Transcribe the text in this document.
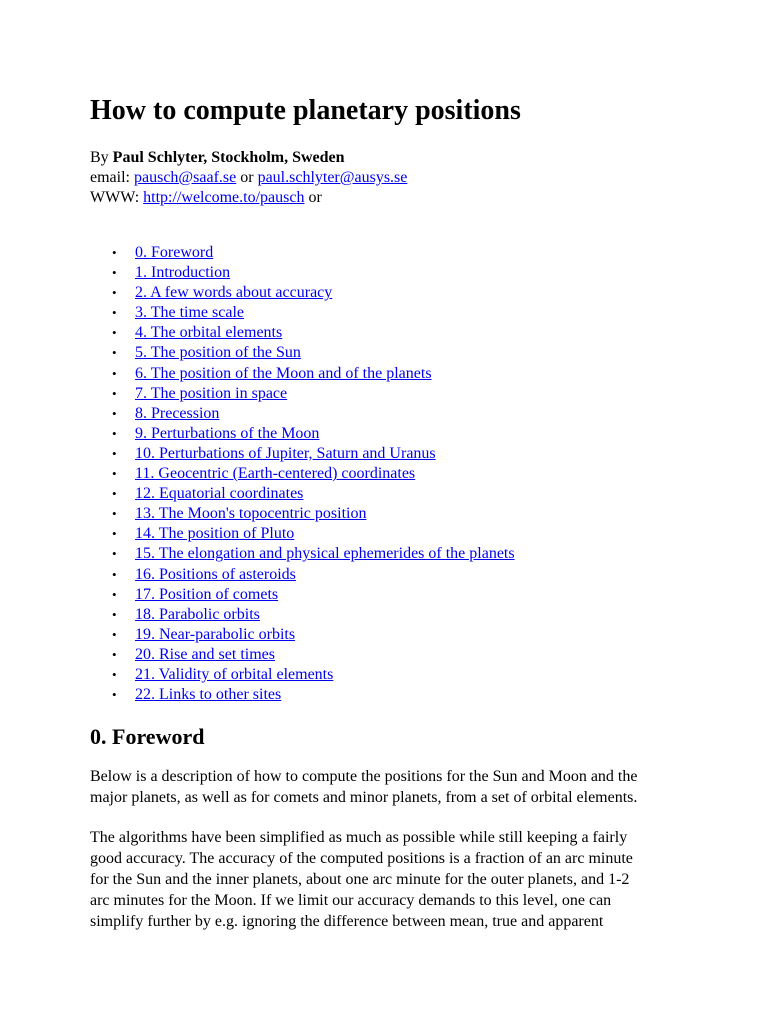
How to compute planetary positions
By Paul Schlyter, Stockholm, Sweden
email: pausch@saaf.se or paul.schlyter@ausys.se
WWW: http://welcome.to/pausch or
• 0. Foreword
• 1. Introduction
• 2. A few words about accuracy
• 3. The time scale
• 4. The orbital elements
• 5. The position of the Sun
• 6. The position of the Moon and of the planets
• 7. The position in space
• 8. Precession
• 9. Perturbations of the Moon
• 10. Perturbations of Jupiter, Saturn and Uranus
• 11. Geocentric (Earth-centered) coordinates
• 12. Equatorial coordinates
• 13. The Moon's topocentric position
• 14. The position of Pluto
• 15. The elongation and physical ephemerides of the planets
• 16. Positions of asteroids
• 17. Position of comets
• 18. Parabolic orbits
• 19. Near-parabolic orbits
• 20. Rise and set times
• 21. Validity of orbital elements
• 22. Links to other sites
0. Foreword

Below is a description of how to compute the positions for the Sun and Moon and the
major planets, as well as for comets and minor planets, from a set of orbital elements.

The algorithms have been simplified as much as possible while still keeping a fairly
good accuracy. The accuracy of the computed positions is a fraction of an arc minute
for the Sun and the inner planets, about one arc minute for the outer planets, and 1-2
arc minutes for the Moon. If we limit our accuracy demands to this level, one can
simplify further by e.g. ignoring the difference between mean, true and apparent
